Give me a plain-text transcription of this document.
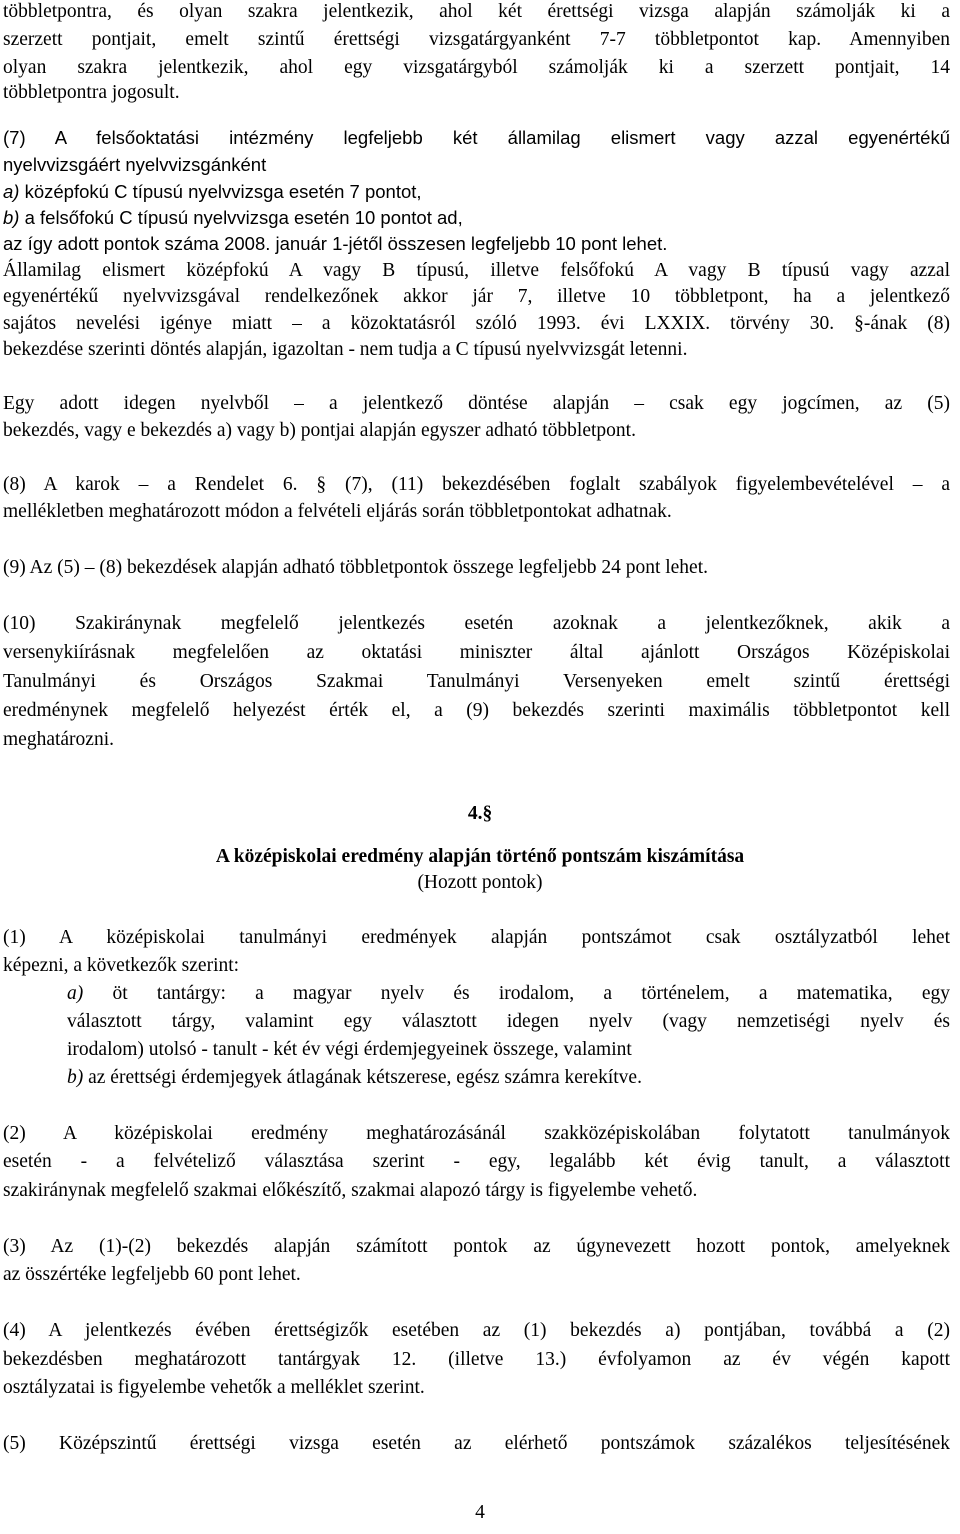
többletpontra, és olyan szakra jelentkezik, ahol két érettségi vizsga alapján számolják ki a
szerzett pontjait, emelt szintű érettségi vizsgatárgyanként 7-7 többletpontot kap. Amennyiben
olyan szakra jelentkezik, ahol egy vizsgatárgyból számolják ki a szerzett pontjait, 14
többletpontra jogosult.
(7) A felsőoktatási intézmény legfeljebb két államilag elismert vagy azzal egyenértékű
nyelvvizsgáért nyelvvizsgánként
a) középfokú C típusú nyelvvizsga esetén 7 pontot,
b) a felsőfokú C típusú nyelvvizsga esetén 10 pontot ad,
az így adott pontok száma 2008. január 1-jétől összesen legfeljebb 10 pont lehet.
Államilag elismert középfokú A vagy B típusú, illetve felsőfokú A vagy B típusú vagy azzal
egyenértékű nyelvvizsgával rendelkezőnek akkor jár 7, illetve 10 többletpont, ha a jelentkező
sajátos nevelési igénye miatt – a közoktatásról szóló 1993. évi LXXIX. törvény 30. §-ának (8)
bekezdése szerinti döntés alapján, igazoltan - nem tudja a C típusú nyelvvizsgát letenni.
Egy adott idegen nyelvből – a jelentkező döntése alapján – csak egy jogcímen, az (5)
bekezdés, vagy e bekezdés a) vagy b) pontjai alapján egyszer adható többletpont.
(8) A karok – a Rendelet 6. § (7), (11) bekezdésében foglalt szabályok figyelembevételével – a
mellékletben meghatározott módon a felvételi eljárás során többletpontokat adhatnak.
(9) Az (5) – (8) bekezdések alapján adható többletpontok összege legfeljebb 24 pont lehet.
(10) Szakiránynak megfelelő jelentkezés esetén azoknak a jelentkezőknek, akik a
versenykiírásnak megfelelően az oktatási miniszter által ajánlott Országos Középiskolai
Tanulmányi és Országos Szakmai Tanulmányi Versenyeken emelt szintű érettségi
eredménynek megfelelő helyezést érték el, a (9) bekezdés szerinti maximális többletpontot kell
meghatározni.
4.§
A középiskolai eredmény alapján történő pontszám kiszámítása
(Hozott pontok)
(1) A középiskolai tanulmányi eredmények alapján pontszámot csak osztályzatból lehet
képezni, a következők szerint:
a) öt tantárgy: a magyar nyelv és irodalom, a történelem, a matematika, egy
választott tárgy, valamint egy választott idegen nyelv (vagy nemzetiségi nyelv és
irodalom) utolsó - tanult - két év végi érdemjegyeinek összege, valamint
b) az érettségi érdemjegyek átlagának kétszerese, egész számra kerekítve.
(2) A középiskolai eredmény meghatározásánál szakközépiskolában folytatott tanulmányok
esetén - a felvételiző választása szerint - egy, legalább két évig tanult, a választott
szakiránynak megfelelő szakmai előkészítő, szakmai alapozó tárgy is figyelembe vehető.
(3) Az (1)-(2) bekezdés alapján számított pontok az úgynevezett hozott pontok, amelyeknek
az összértéke legfeljebb 60 pont lehet.
(4) A jelentkezés évében érettségizők esetében az (1) bekezdés a) pontjában, továbbá a (2)
bekezdésben meghatározott tantárgyak 12. (illetve 13.) évfolyamon az év végén kapott
osztályzatai is figyelembe vehetők a melléklet szerint.
(5) Középszintű érettségi vizsga esetén az elérhető pontszámok százalékos teljesítésének
4
